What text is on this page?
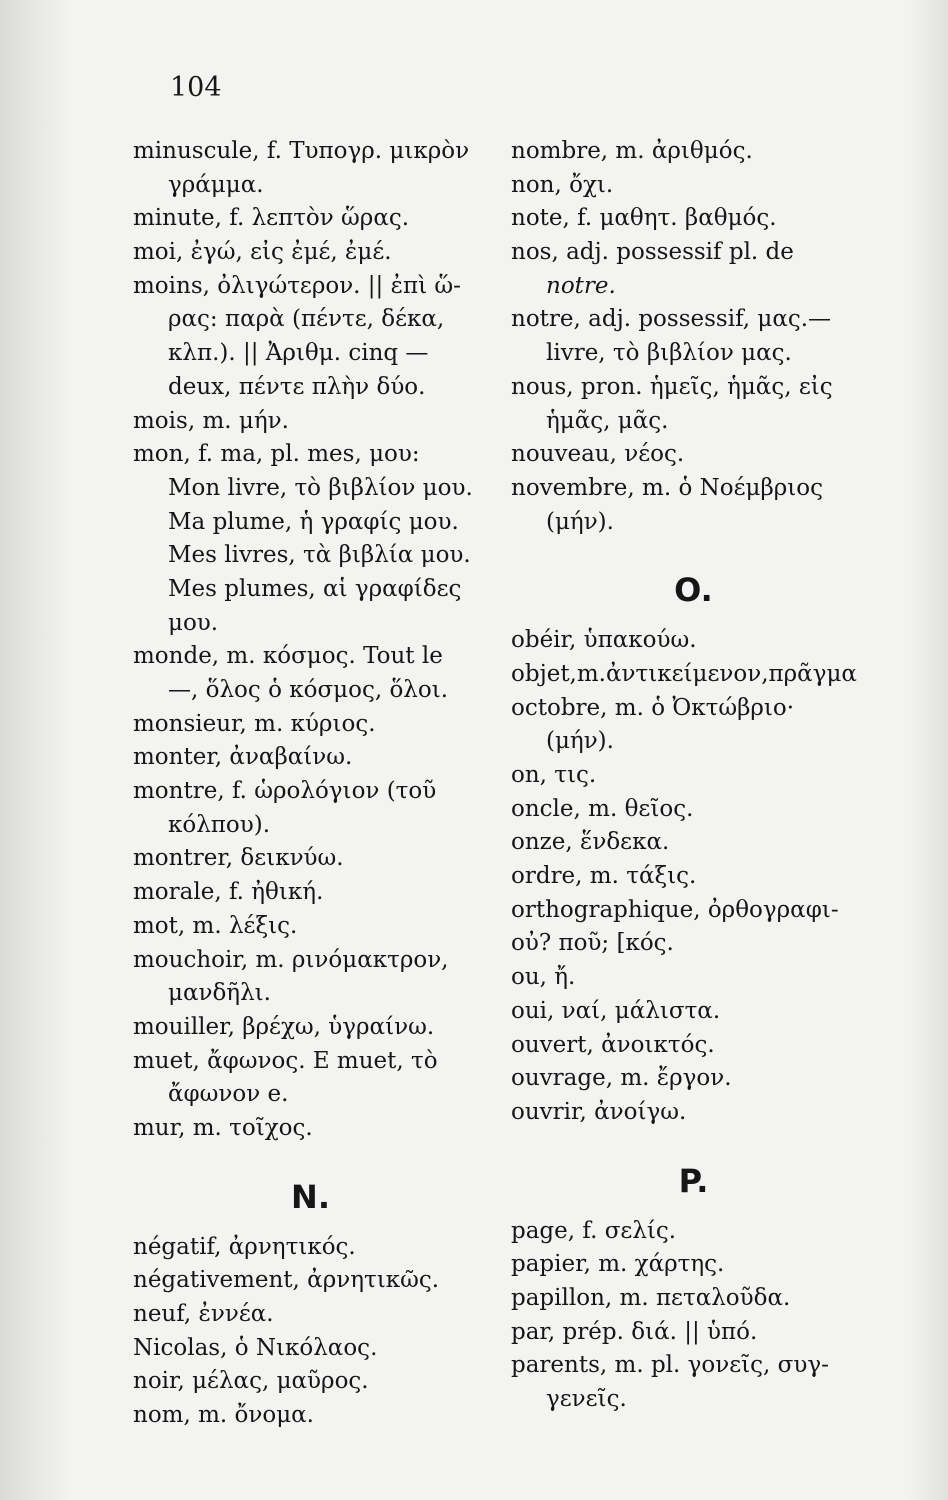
104
minuscule, f. Τυπογρ. μικρὸν
γράμμα.
minute, f. λεπτὸν ὥρας.
moi, ἐγώ, εἰς ἐμέ, ἐμέ.
moins, ὀλιγώτερον. || ἐπὶ ὥ-
ρας: παρὰ (πέντε, δέκα,
κλπ.). || Ἀριθμ. cinq —
deux, πέντε πλὴν δύο.
mois, m. μήν.
mon, f. ma, pl. mes, μου:
Mon livre, τὸ βιβλίον μου.
Ma plume, ἡ γραφίς μου.
Mes livres, τὰ βιβλία μου.
Mes plumes, αἱ γραφίδες
μου.
monde, m. κόσμος. Tout le
—, ὅλος ὁ κόσμος, ὅλοι.
monsieur, m. κύριος.
monter, ἀναβαίνω.
montre, f. ὡρολόγιον (τοῦ
κόλπου).
montrer, δεικνύω.
morale, f. ἠθική.
mot, m. λέξις.
mouchoir, m. ρινόμακτρον,
μανδῆλι.
mouiller, βρέχω, ὑγραίνω.
muet, ἄφωνος. E muet, τὸ
ἄφωνον e.
mur, m. τοῖχος.
N.
négatif, ἀρνητικός.
négativement, ἀρνητικῶς.
neuf, ἐννέα.
Nicolas, ὁ Νικόλαος.
noir, μέλας, μαῦρος.
nom, m. ὄνομα.
nombre, m. ἀριθμός.
non, ὄχι.
note, f. μαθητ. βαθμός.
nos, adj. possessif pl. de
notre.
notre, adj. possessif, μας.—
livre, τὸ βιβλίον μας.
nous, pron. ἡμεῖς, ἡμᾶς, εἰς
ἡμᾶς, μᾶς.
nouveau, νέος.
novembre, m. ὁ Νοέμβριος
(μήν).
O.
obéir, ὑπακούω.
objet,m.ἀντικείμενον,πρᾶγμα
octobre, m. ὁ Ὀκτώβριο·
(μήν).
on, τις.
oncle, m. θεῖος.
onze, ἕνδεκα.
ordre, m. τάξις.
orthographique, ὀρθογραφι-
οὐ? ποῦ; [κός.
ou, ἤ.
oui, ναί, μάλιστα.
ouvert, ἀνοικτός.
ouvrage, m. ἔργον.
ouvrir, ἀνοίγω.
P.
page, f. σελίς.
papier, m. χάρτης.
papillon, m. πεταλοῦδα.
par, prép. διά. || ὑπό.
parents, m. pl. γονεῖς, συγ-
γενεῖς.
